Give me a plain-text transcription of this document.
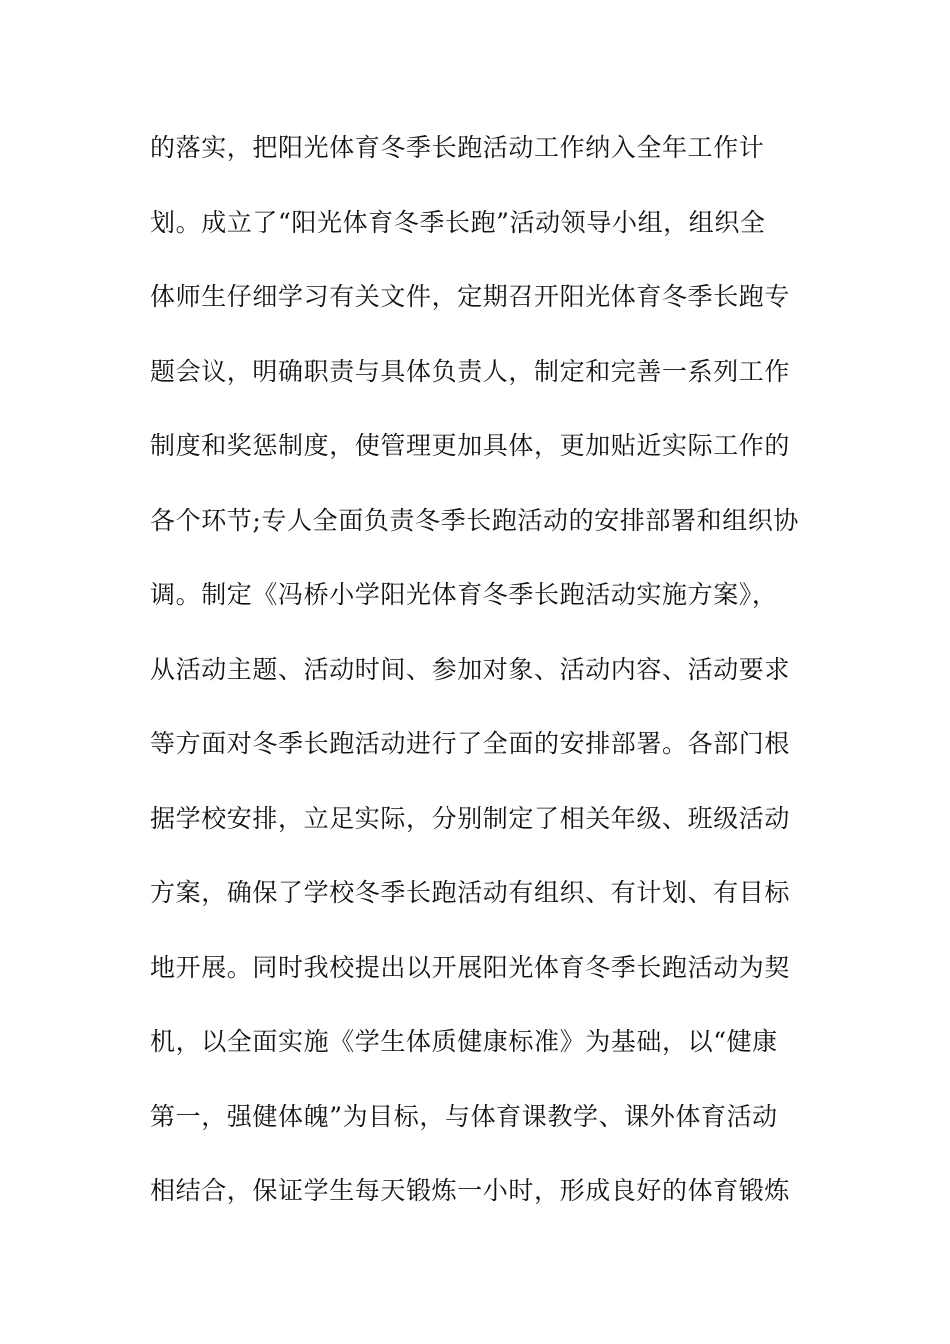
的落实，把阳光体育冬季长跑活动工作纳入全年工作计
划。成立了“阳光体育冬季长跑”活动领导小组，组织全
体师生仔细学习有关文件，定期召开阳光体育冬季长跑专
题会议，明确职责与具体负责人，制定和完善一系列工作
制度和奖惩制度，使管理更加具体，更加贴近实际工作的
各个环节;专人全面负责冬季长跑活动的安排部署和组织协
调。制定《冯桥小学阳光体育冬季长跑活动实施方案》，
从活动主题、活动时间、参加对象、活动内容、活动要求
等方面对冬季长跑活动进行了全面的安排部署。各部门根
据学校安排，立足实际，分别制定了相关年级、班级活动
方案，确保了学校冬季长跑活动有组织、有计划、有目标
地开展。同时我校提出以开展阳光体育冬季长跑活动为契
机，以全面实施《学生体质健康标准》为基础，以“健康
第一，强健体魄”为目标，与体育课教学、课外体育活动
相结合，保证学生每天锻炼一小时，形成良好的体育锻炼
